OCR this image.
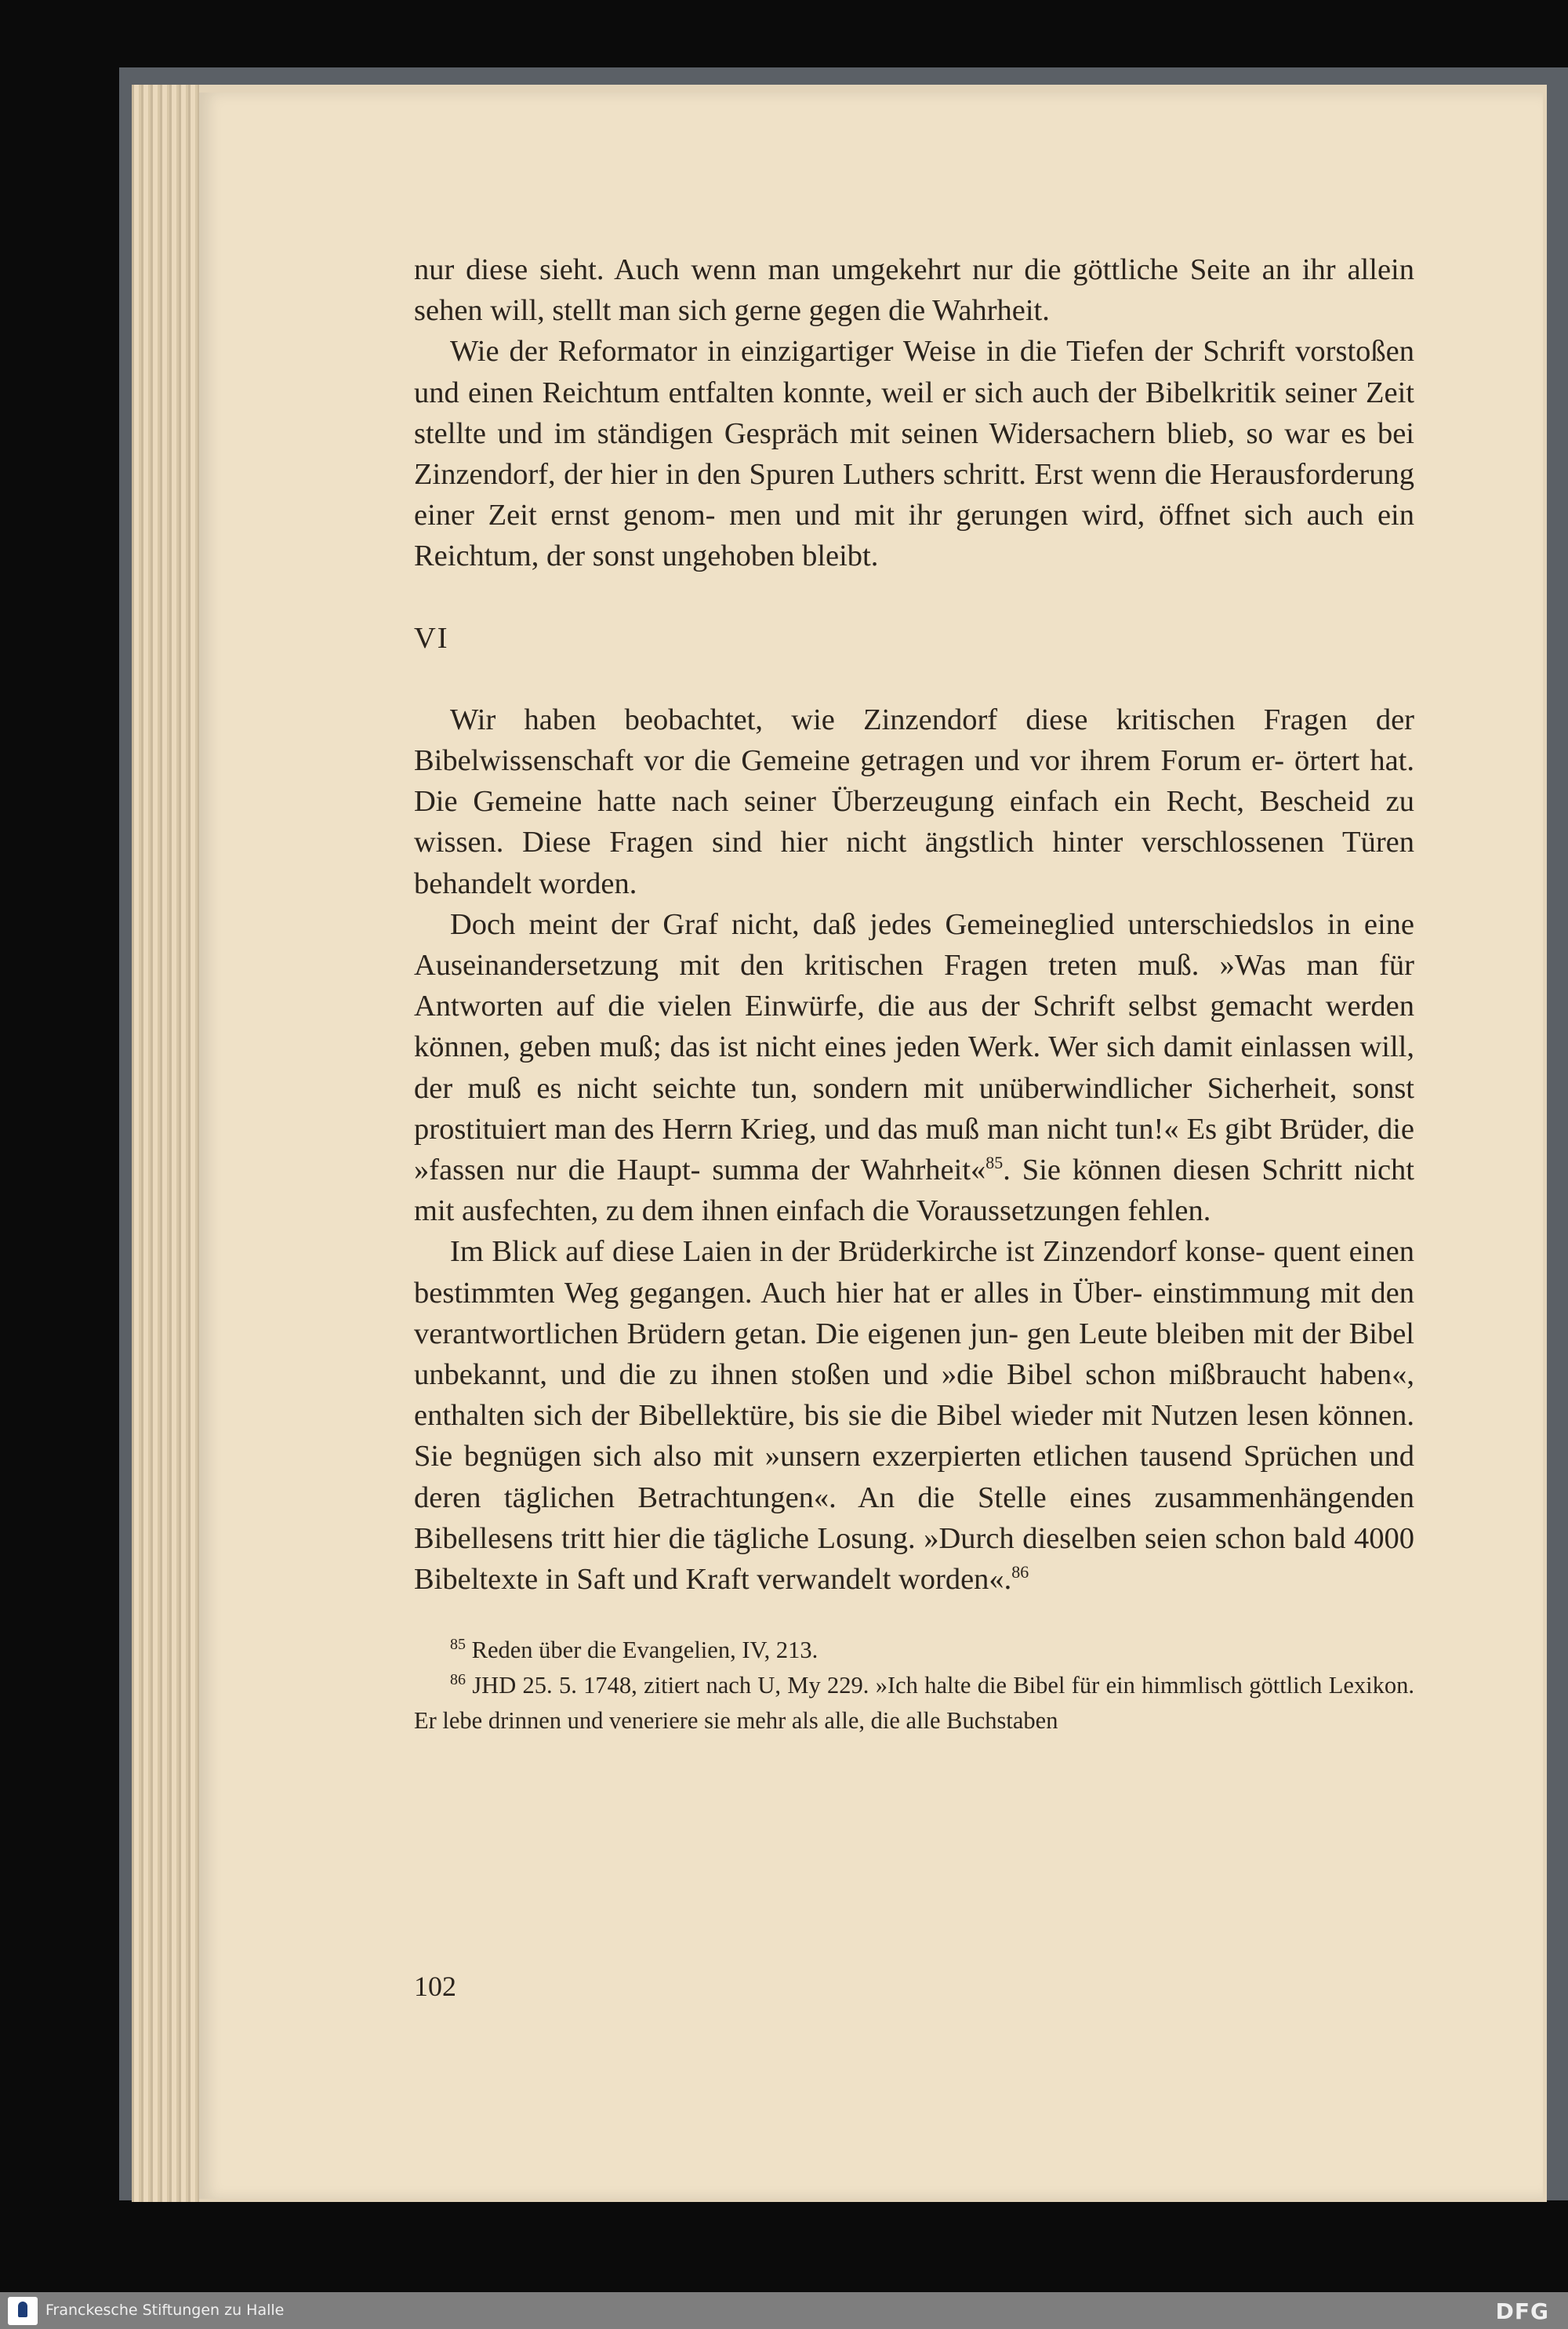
nur diese sieht. Auch wenn man umgekehrt nur die göttliche Seite an ihr allein sehen will, stellt man sich gerne gegen die Wahrheit.

Wie der Reformator in einzigartiger Weise in die Tiefen der Schrift vorstoßen und einen Reichtum entfalten konnte, weil er sich auch der Bibelkritik seiner Zeit stellte und im ständigen Gespräch mit seinen Widersachern blieb, so war es bei Zinzendorf, der hier in den Spuren Luthers schritt. Erst wenn die Herausforderung einer Zeit ernst genom- men und mit ihr gerungen wird, öffnet sich auch ein Reichtum, der sonst ungehoben bleibt.

VI

Wir haben beobachtet, wie Zinzendorf diese kritischen Fragen der Bibelwissenschaft vor die Gemeine getragen und vor ihrem Forum er- örtert hat. Die Gemeine hatte nach seiner Überzeugung einfach ein Recht, Bescheid zu wissen. Diese Fragen sind hier nicht ängstlich hinter verschlossenen Türen behandelt worden.

Doch meint der Graf nicht, daß jedes Gemeineglied unterschiedslos in eine Auseinandersetzung mit den kritischen Fragen treten muß. »Was man für Antworten auf die vielen Einwürfe, die aus der Schrift selbst gemacht werden können, geben muß; das ist nicht eines jeden Werk. Wer sich damit einlassen will, der muß es nicht seichte tun, sondern mit unüberwindlicher Sicherheit, sonst prostituiert man des Herrn Krieg, und das muß man nicht tun!« Es gibt Brüder, die »fassen nur die Haupt- summa der Wahrheit«$^{85}$. Sie können diesen Schritt nicht mit ausfechten, zu dem ihnen einfach die Voraussetzungen fehlen.

Im Blick auf diese Laien in der Brüderkirche ist Zinzendorf konse- quent einen bestimmten Weg gegangen. Auch hier hat er alles in Über- einstimmung mit den verantwortlichen Brüdern getan. Die eigenen jun- gen Leute bleiben mit der Bibel unbekannt, und die zu ihnen stoßen und »die Bibel schon mißbraucht haben«, enthalten sich der Bibellektüre, bis sie die Bibel wieder mit Nutzen lesen können. Sie begnügen sich also mit »unsern exzerpierten etlichen tausend Sprüchen und deren täglichen Betrachtungen«. An die Stelle eines zusammenhängenden Bibellesens tritt hier die tägliche Losung. »Durch dieselben seien schon bald 4000 Bibeltexte in Saft und Kraft verwandelt worden«.$^{86}$

$^{85}$ Reden über die Evangelien, IV, 213.

$^{86}$ JHD 25. 5. 1748, zitiert nach U, My 229. »Ich halte die Bibel für ein himmlisch göttlich Lexikon. Er lebe drinnen und veneriere sie mehr als alle, die alle Buchstaben

102
Franckesche Stiftungen zu Halle	DFG
